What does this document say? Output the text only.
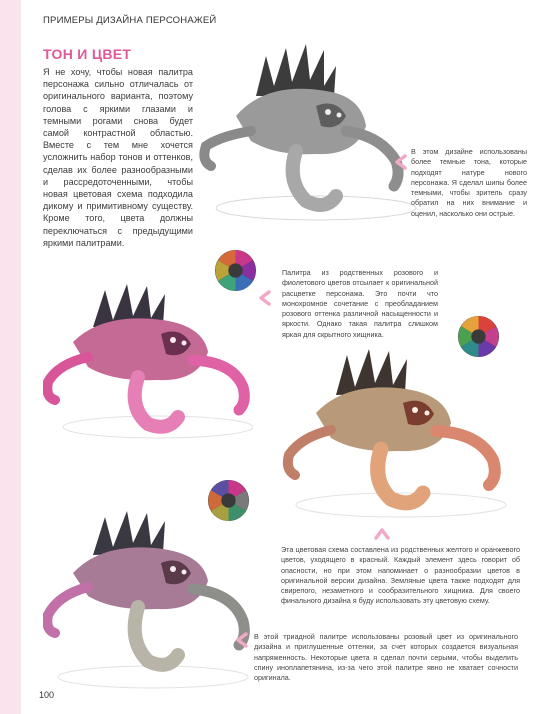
ПРИМЕРЫ ДИЗАЙНА ПЕРСОНАЖЕЙ
ТОН И ЦВЕТ

Я не хочу, чтобы новая палитра персонажа сильно отличалась от оригинального варианта, поэтому голова с яркими глазами и темными рогами снова будет самой контрастной областью. Вместе с тем мне хочется усложнить набор тонов и оттенков, сделав их более разнообразными и рассредоточенными, чтобы новая цветовая схема подходила дикому и примитивному существу. Кроме того, цвета должны переключаться с предыдущими яркими палитрами.

В этом дизайне использованы более темные тона, которые подходят натуре нового персонажа. Я сделал шипы более темными, чтобы зритель сразу обратил на них внимание и оценил, насколько они острые.

Палитра из родственных розового и фиолетового цветов отсылает к оригинальной расцветке персонажа. Это почти что монохромное сочетание с преобладанием розового оттенка различной насыщенности и яркости. Однако такая палитра слишком яркая для скрытного хищника.

Эта цветовая схема составлена из родственных желтого и оранжевого цветов, уходящего в красный. Каждый элемент здесь говорит об опасности, но при этом напоминает о разнообразии цветов в оригинальной версии дизайна. Земляные цвета также подходят для свирепого, незаметного и сообразительного хищника. Для своего финального дизайна я буду использовать эту цветовую схему.

В этой триадной палитре использованы розовый цвет из оригинального дизайна и приглушенные оттенки, за счет которых создается визуальная напряженность. Некоторые цвета я сделал почти серыми, чтобы выделить спину иноплапетянина, из-за чего этой палитре явно не хватает сочности оригинала.

100
